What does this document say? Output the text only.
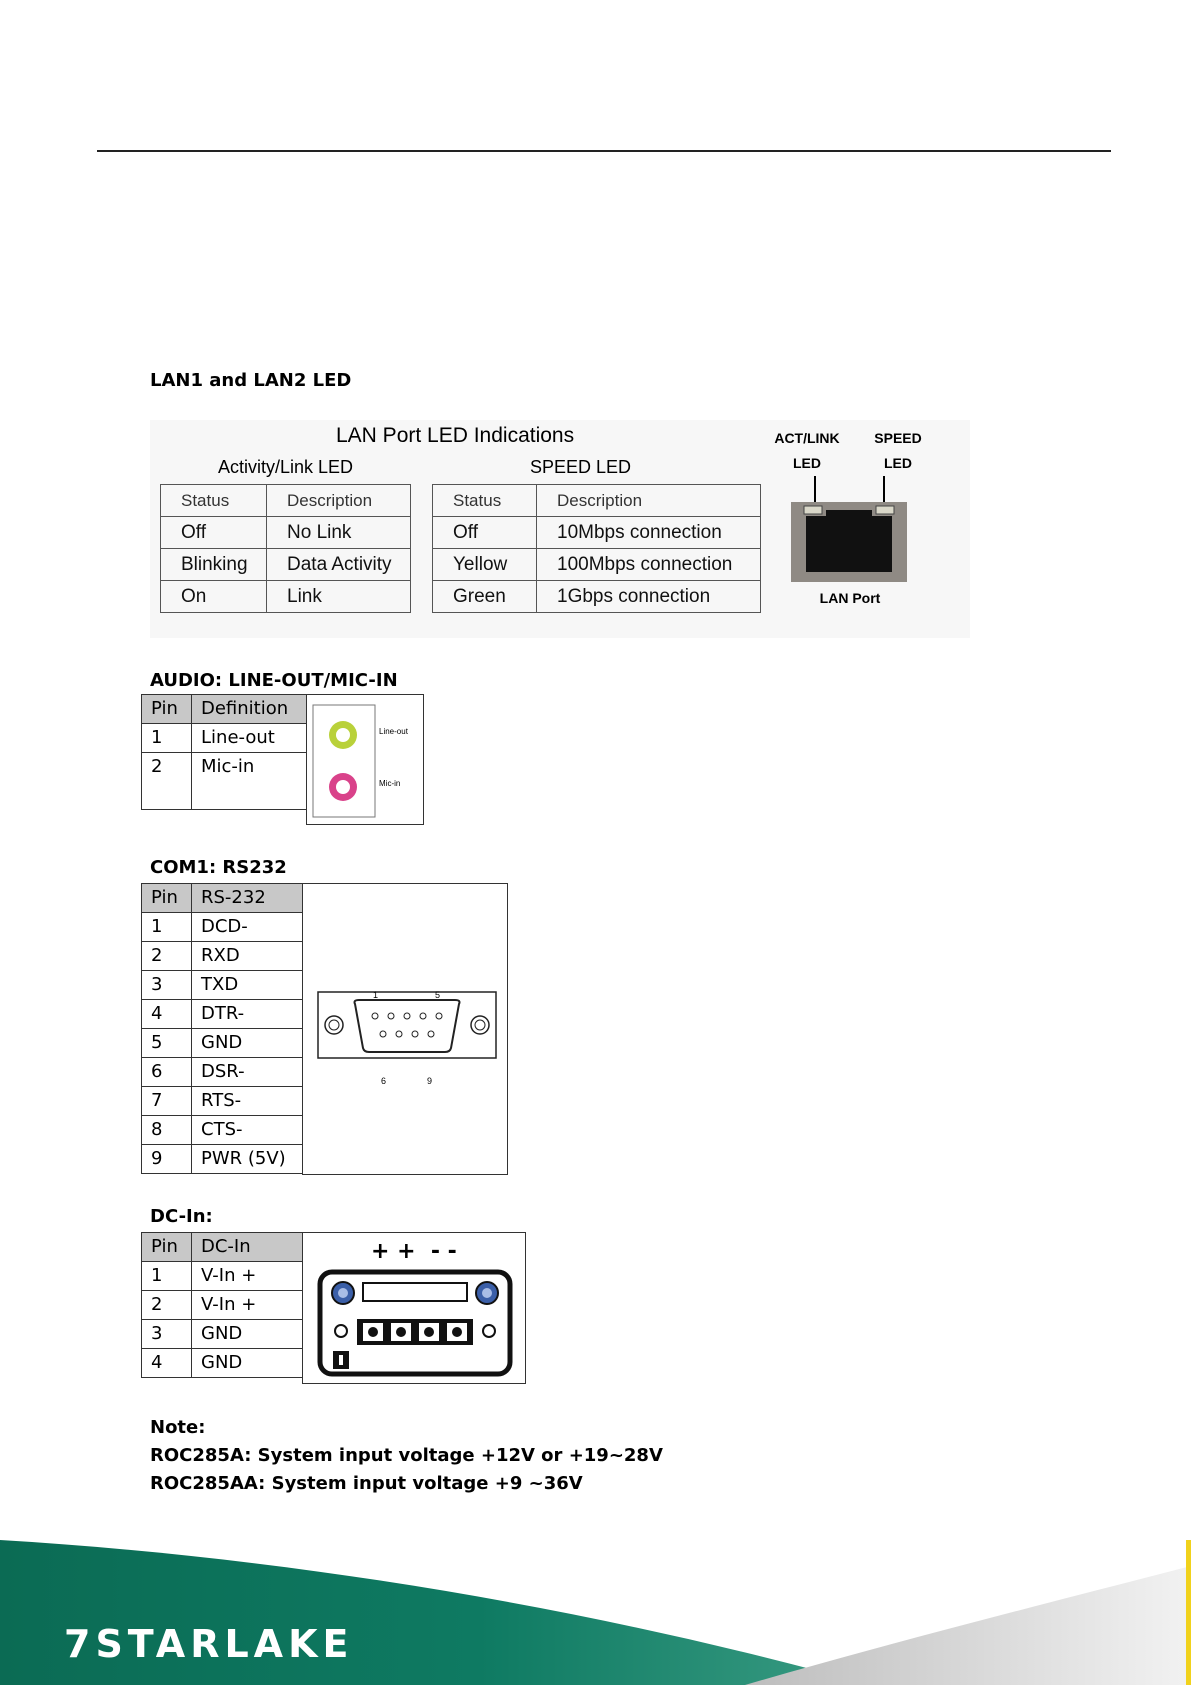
LAN1 and LAN2 LED
LAN Port LED Indications
Activity/Link LED	SPEED LED
Status	Description
Off	No Link
Blinking	Data Activity
On	Link
Status	Description
Off	10Mbps connection
Yellow	100Mbps connection
Green	1Gbps connection
ACT/LINK
LED
SPEED
LED
LAN Port
AUDIO: LINE-OUT/MIC-IN
Pin	Definition
1	Line-out
2	Mic-in
Line-out
Mic-in
COM1: RS232
Pin	RS-232
1	DCD-
2	RXD
3	TXD
4	DTR-
5	GND
6	DSR-
7	RTS-
8	CTS-
9	PWR (5V)
1	5
6	9
DC-In:
Pin	DC-In
1	V-In +
2	V-In +
3	GND
4	GND
+ +  - -
Note:
ROC285A: System input voltage +12V or +19~28V
ROC285AA: System input voltage +9 ~36V
7STARLAKE
